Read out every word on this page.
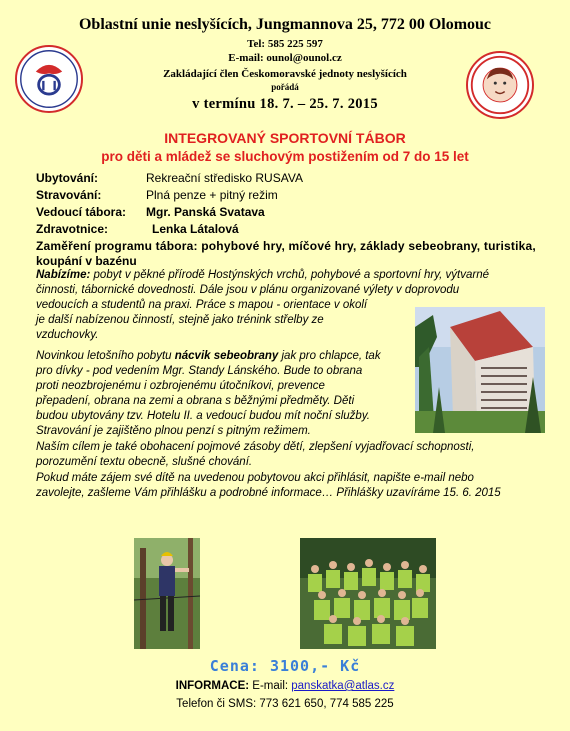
Oblastní unie neslyšících, Jungmannova 25, 772 00 Olomouc
Tel: 585 225 597
E-mail: ounol@ounol.cz
Zakládající člen Českomoravské jednoty neslyšících
pořádá
v termínu 18. 7. – 25. 7. 2015
INTEGROVANÝ SPORTOVNÍ TÁBOR
pro děti a mládež se sluchovým postižením od 7 do 15 let
Ubytování:	Rekreační středisko RUSAVA
Stravování:	Plná penze + pitný režim
Vedoucí tábora: Mgr. Panská Svatava
Zdravotnice:	Lenka Látalová
Zaměření programu tábora: pohybové hry, míčové hry, základy sebeobrany, turistika,
koupání v bazénu
Nabízíme: pobyt v pěkné přírodě Hostýnských vrchů, pohybové a sportovní hry, výtvarné
činnosti, tábornické dovednosti. Dále jsou v plánu organizované výlety v doprovodu
vedoucích a studentů na praxi. Práce s mapou - orientace v okolí
je další nabízenou činností, stejně jako trénink střelby ze
vzduchovky.
Novinkou letošního pobytu nácvik sebeobrany jak pro chlapce, tak
pro dívky - pod vedením Mgr. Standy Lánského. Bude to obrana
proti neozbrojenému i ozbrojenému útočníkovi, prevence
přepadení, obrana na zemi a obrana s běžnými předměty. Děti
budou ubytovány tzv. Hotelu II. a vedoucí budou mít noční služby.
Stravování je zajištěno plnou penzí s pitným režimem.
Naším cílem je také obohacení pojmové zásoby dětí, zlepšení vyjadřovací schopnosti,
porozumění textu obecně, slušné chování.
Pokud máte zájem své dítě na uvedenou pobytovou akci přihlásit, napište e-mail nebo
zavolejte, zašleme Vám přihlášku a podrobné informace… Přihlášky uzavíráme 15. 6. 2015
Cena: 3100,- Kč
INFORMACE: E-mail: panskatka@atlas.cz
Telefon či SMS: 773 621 650, 774 585 225
